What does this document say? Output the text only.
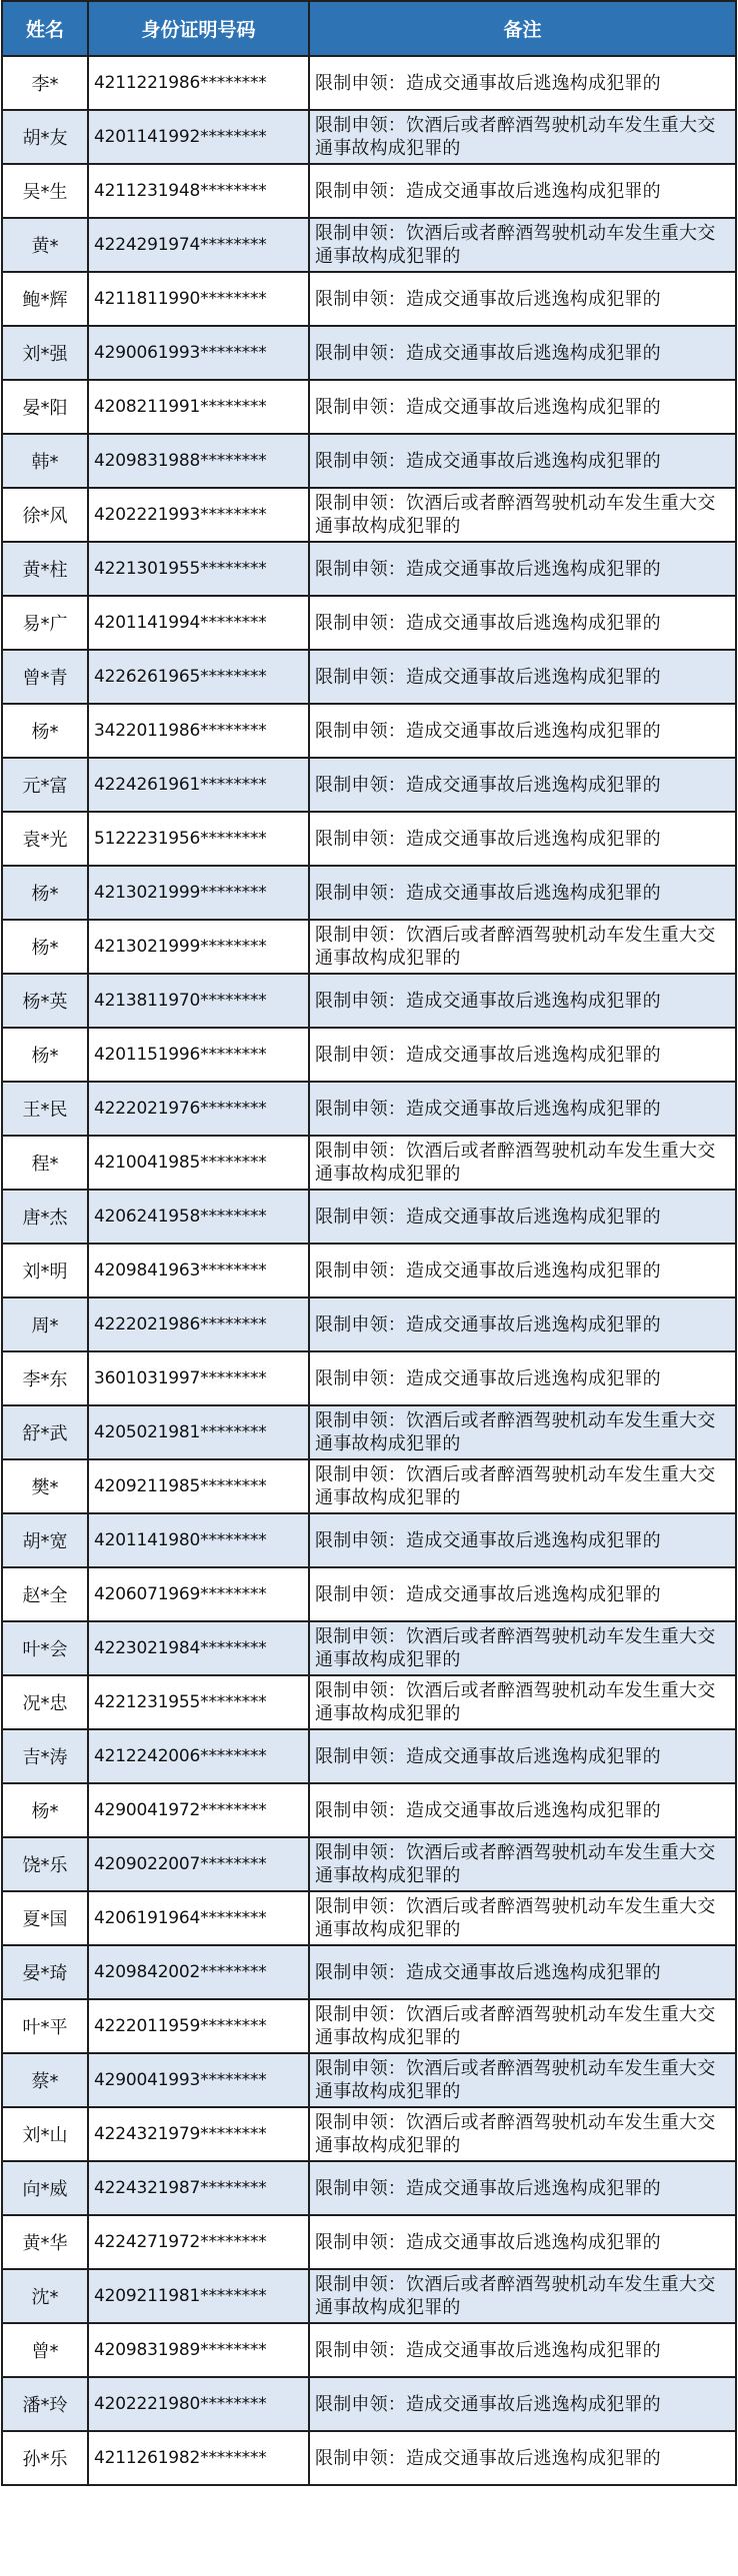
姓名	身份证明号码	备注
李*	4211221986********	限制申领：造成交通事故后逃逸构成犯罪的
胡*友	4201141992********	限制申领：饮酒后或者醉酒驾驶机动车发生重大交通事故构成犯罪的
吴*生	4211231948********	限制申领：造成交通事故后逃逸构成犯罪的
黄*	4224291974********	限制申领：饮酒后或者醉酒驾驶机动车发生重大交通事故构成犯罪的
鲍*辉	4211811990********	限制申领：造成交通事故后逃逸构成犯罪的
刘*强	4290061993********	限制申领：造成交通事故后逃逸构成犯罪的
晏*阳	4208211991********	限制申领：造成交通事故后逃逸构成犯罪的
韩*	4209831988********	限制申领：造成交通事故后逃逸构成犯罪的
徐*风	4202221993********	限制申领：饮酒后或者醉酒驾驶机动车发生重大交通事故构成犯罪的
黄*柱	4221301955********	限制申领：造成交通事故后逃逸构成犯罪的
易*广	4201141994********	限制申领：造成交通事故后逃逸构成犯罪的
曾*青	4226261965********	限制申领：造成交通事故后逃逸构成犯罪的
杨*	3422011986********	限制申领：造成交通事故后逃逸构成犯罪的
元*富	4224261961********	限制申领：造成交通事故后逃逸构成犯罪的
袁*光	5122231956********	限制申领：造成交通事故后逃逸构成犯罪的
杨*	4213021999********	限制申领：造成交通事故后逃逸构成犯罪的
杨*	4213021999********	限制申领：饮酒后或者醉酒驾驶机动车发生重大交通事故构成犯罪的
杨*英	4213811970********	限制申领：造成交通事故后逃逸构成犯罪的
杨*	4201151996********	限制申领：造成交通事故后逃逸构成犯罪的
王*民	4222021976********	限制申领：造成交通事故后逃逸构成犯罪的
程*	4210041985********	限制申领：饮酒后或者醉酒驾驶机动车发生重大交通事故构成犯罪的
唐*杰	4206241958********	限制申领：造成交通事故后逃逸构成犯罪的
刘*明	4209841963********	限制申领：造成交通事故后逃逸构成犯罪的
周*	4222021986********	限制申领：造成交通事故后逃逸构成犯罪的
李*东	3601031997********	限制申领：造成交通事故后逃逸构成犯罪的
舒*武	4205021981********	限制申领：饮酒后或者醉酒驾驶机动车发生重大交通事故构成犯罪的
樊*	4209211985********	限制申领：饮酒后或者醉酒驾驶机动车发生重大交通事故构成犯罪的
胡*宽	4201141980********	限制申领：造成交通事故后逃逸构成犯罪的
赵*全	4206071969********	限制申领：造成交通事故后逃逸构成犯罪的
叶*会	4223021984********	限制申领：饮酒后或者醉酒驾驶机动车发生重大交通事故构成犯罪的
况*忠	4221231955********	限制申领：饮酒后或者醉酒驾驶机动车发生重大交通事故构成犯罪的
吉*涛	4212242006********	限制申领：造成交通事故后逃逸构成犯罪的
杨*	4290041972********	限制申领：造成交通事故后逃逸构成犯罪的
饶*乐	4209022007********	限制申领：饮酒后或者醉酒驾驶机动车发生重大交通事故构成犯罪的
夏*国	4206191964********	限制申领：饮酒后或者醉酒驾驶机动车发生重大交通事故构成犯罪的
晏*琦	4209842002********	限制申领：造成交通事故后逃逸构成犯罪的
叶*平	4222011959********	限制申领：饮酒后或者醉酒驾驶机动车发生重大交通事故构成犯罪的
蔡*	4290041993********	限制申领：饮酒后或者醉酒驾驶机动车发生重大交通事故构成犯罪的
刘*山	4224321979********	限制申领：饮酒后或者醉酒驾驶机动车发生重大交通事故构成犯罪的
向*威	4224321987********	限制申领：造成交通事故后逃逸构成犯罪的
黄*华	4224271972********	限制申领：造成交通事故后逃逸构成犯罪的
沈*	4209211981********	限制申领：饮酒后或者醉酒驾驶机动车发生重大交通事故构成犯罪的
曾*	4209831989********	限制申领：造成交通事故后逃逸构成犯罪的
潘*玲	4202221980********	限制申领：造成交通事故后逃逸构成犯罪的
孙*乐	4211261982********	限制申领：造成交通事故后逃逸构成犯罪的
